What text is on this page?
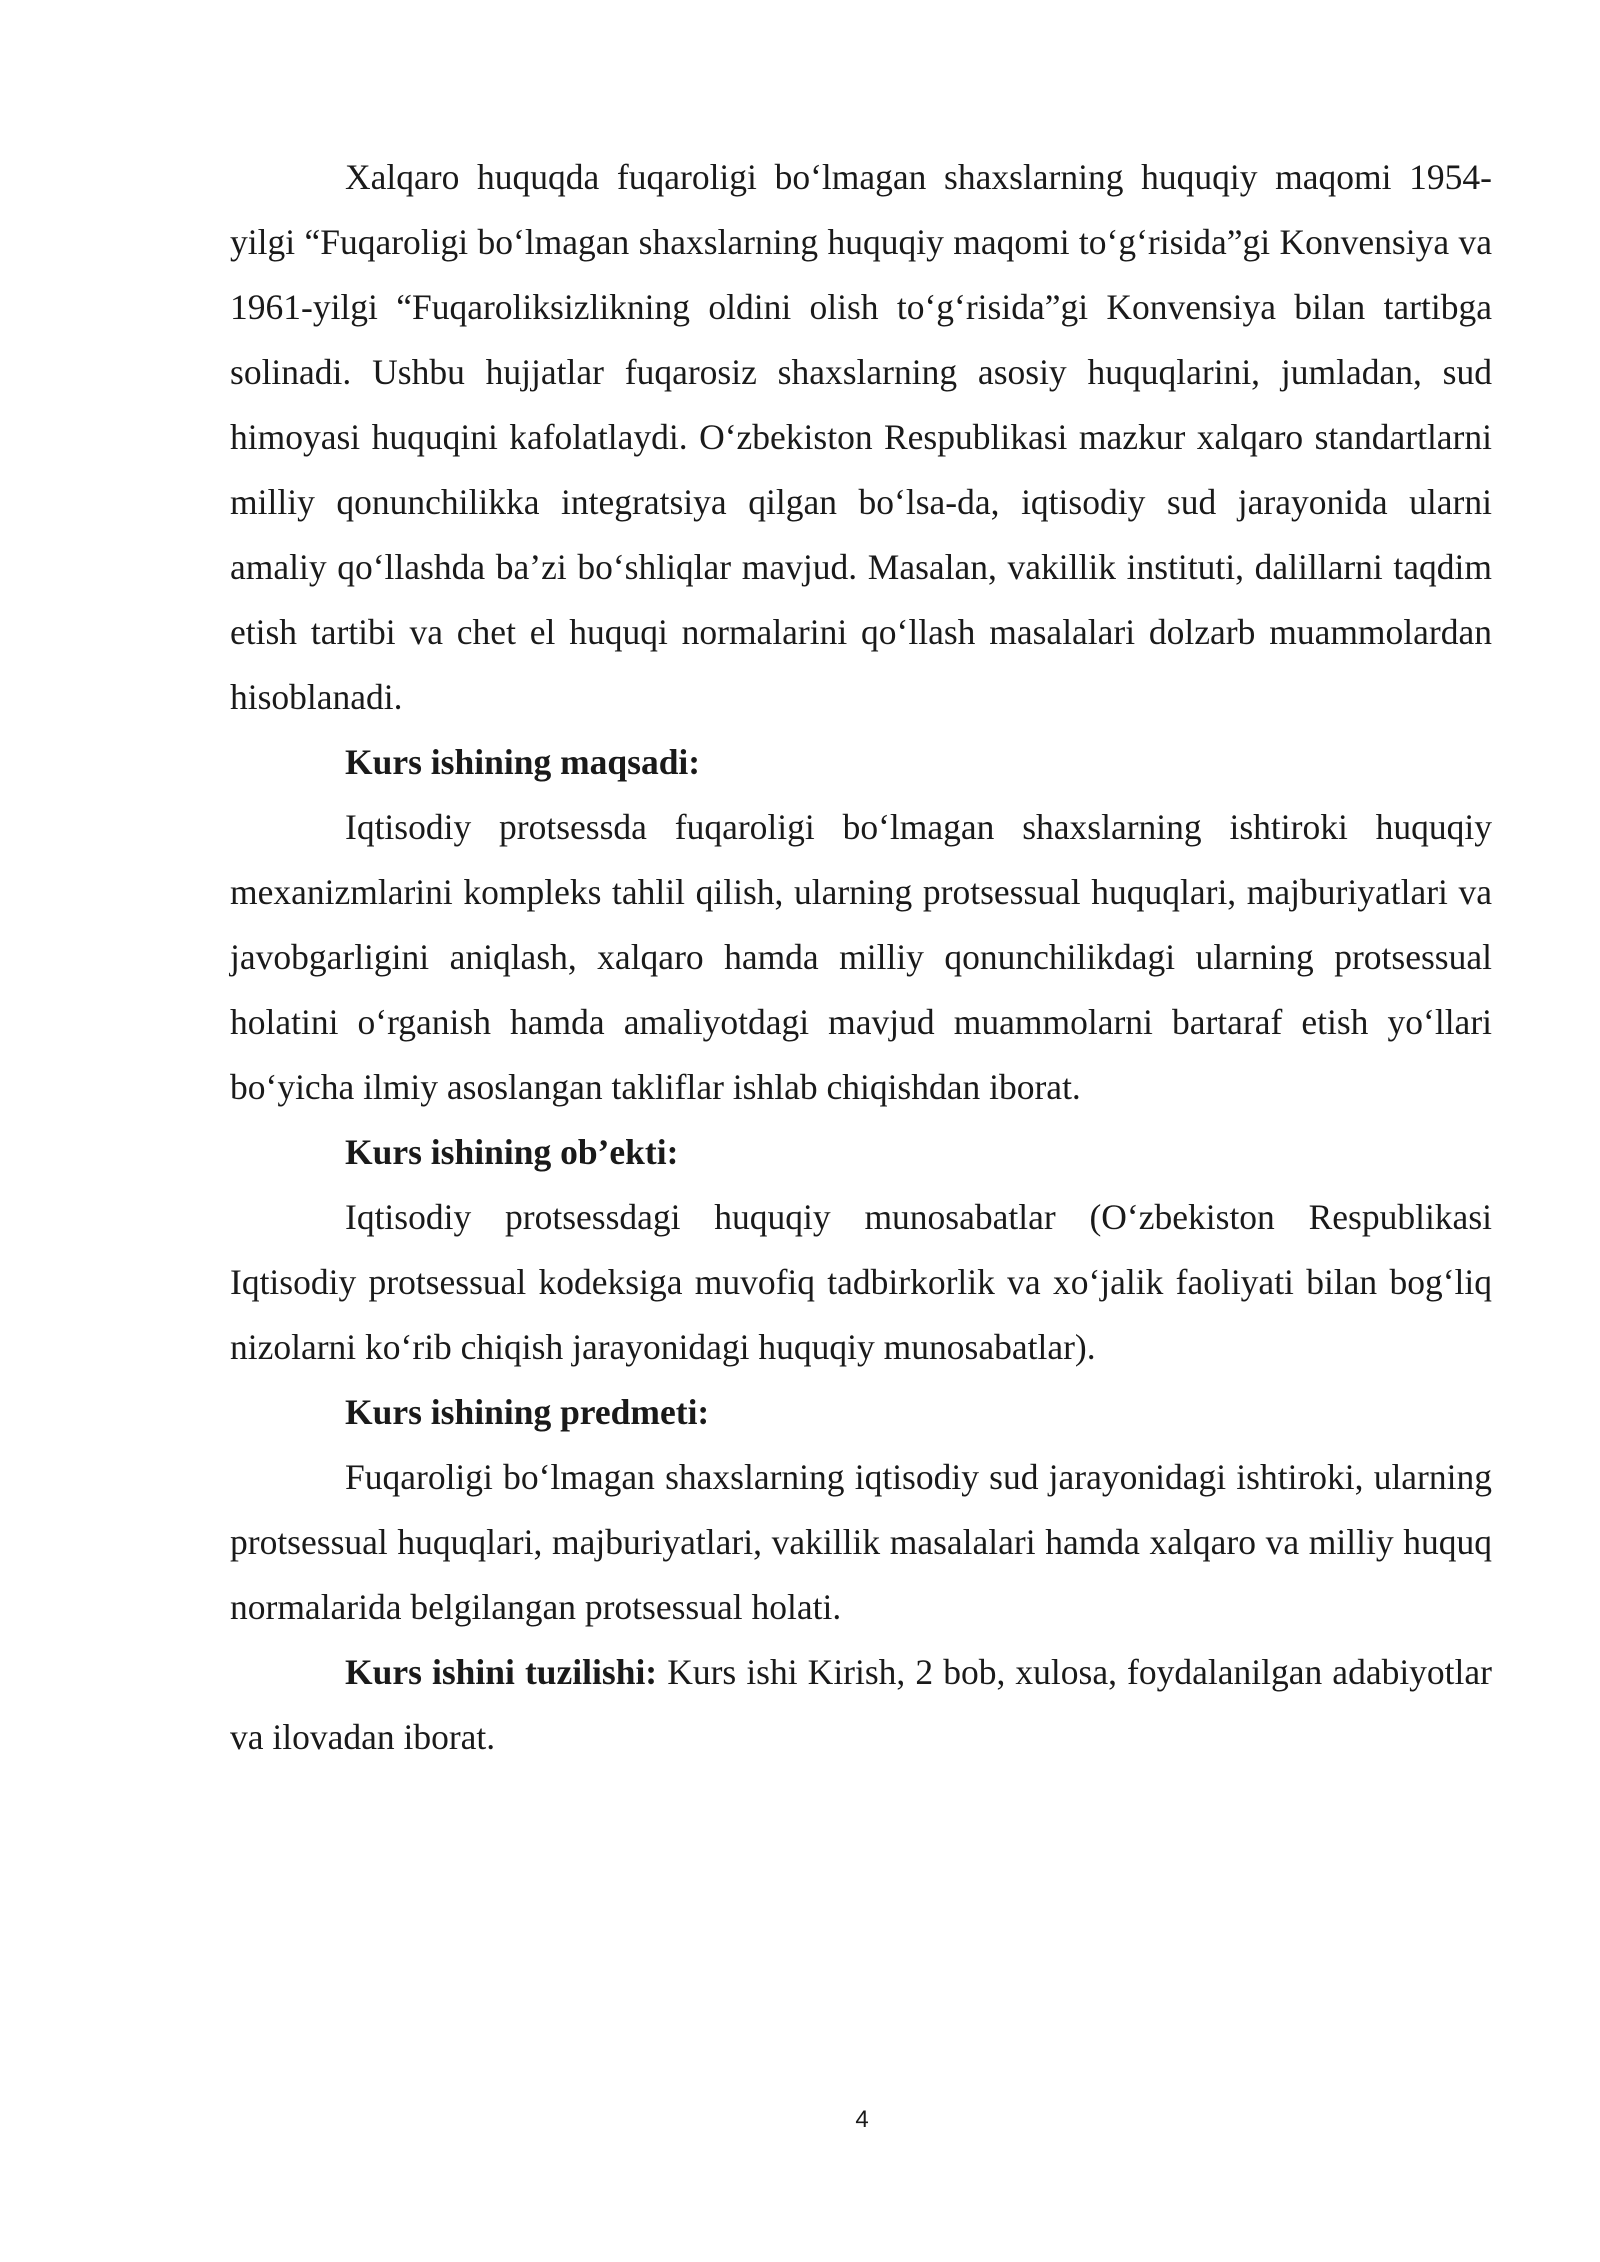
Xalqaro huquqda fuqaroligi bo‘lmagan shaxslarning huquqiy maqomi 1954-yilgi “Fuqaroligi bo‘lmagan shaxslarning huquqiy maqomi to‘g‘risida”gi Konvensiya va 1961-yilgi “Fuqaroliksizlikning oldini olish to‘g‘risida”gi Konvensiya bilan tartibga solinadi. Ushbu hujjatlar fuqarosiz shaxslarning asosiy huquqlarini, jumladan, sud himoyasi huquqini kafolatlaydi. O‘zbekiston Respublikasi mazkur xalqaro standartlarni milliy qonunchilikka integratsiya qilgan bo‘lsa-da, iqtisodiy sud jarayonida ularni amaliy qo‘llashda ba’zi bo‘shliqlar mavjud. Masalan, vakillik instituti, dalillarni taqdim etish tartibi va chet el huquqi normalarini qo‘llash masalalari dolzarb muammolardan hisoblanadi.

Kurs ishining maqsadi:

Iqtisodiy protsessda fuqaroligi bo‘lmagan shaxslarning ishtiroki huquqiy mexanizmlarini kompleks tahlil qilish, ularning protsessual huquqlari, majburiyatlari va javobgarligini aniqlash, xalqaro hamda milliy qonunchilikdagi ularning protsessual holatini o‘rganish hamda amaliyotdagi mavjud muammolarni bartaraf etish yo‘llari bo‘yicha ilmiy asoslangan takliflar ishlab chiqishdan iborat.

Kurs ishining ob’ekti:

Iqtisodiy protsessdagi huquqiy munosabatlar (O‘zbekiston Respublikasi Iqtisodiy protsessual kodeksiga muvofiq tadbirkorlik va xo‘jalik faoliyati bilan bog‘liq nizolarni ko‘rib chiqish jarayonidagi huquqiy munosabatlar).

Kurs ishining predmeti:

Fuqaroligi bo‘lmagan shaxslarning iqtisodiy sud jarayonidagi ishtiroki, ularning protsessual huquqlari, majburiyatlari, vakillik masalalari hamda xalqaro va milliy huquq normalarida belgilangan protsessual holati.

Kurs ishini tuzilishi: Kurs ishi Kirish, 2 bob, xulosa, foydalanilgan adabiyotlar va ilovadan iborat.

4
